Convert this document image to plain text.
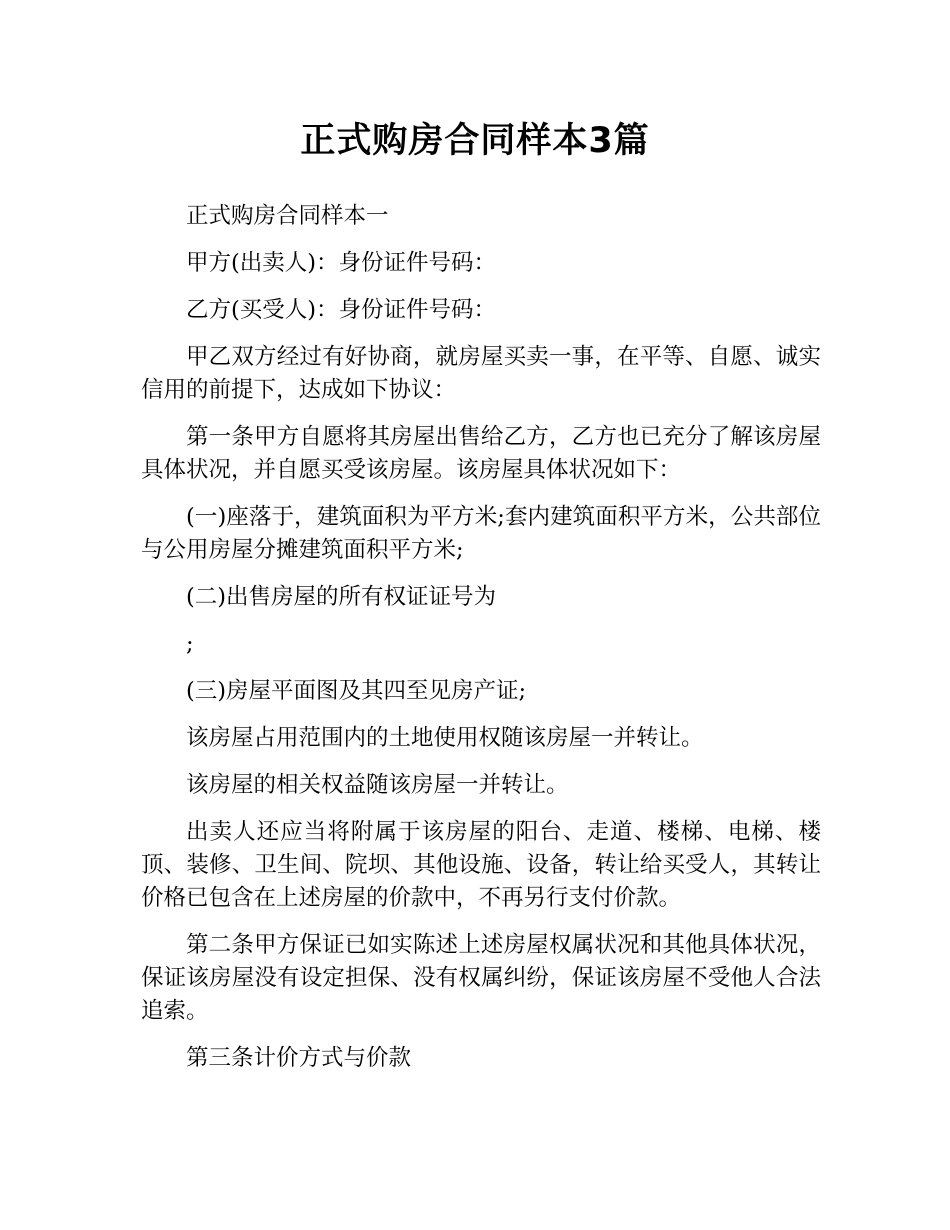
正式购房合同样本3篇

正式购房合同样本一

甲方(出卖人)：身份证件号码：

乙方(买受人)：身份证件号码：

甲乙双方经过有好协商，就房屋买卖一事，在平等、自愿、诚实信用的前提下，达成如下协议：

第一条甲方自愿将其房屋出售给乙方，乙方也已充分了解该房屋具体状况，并自愿买受该房屋。该房屋具体状况如下：

(一)座落于，建筑面积为平方米;套内建筑面积平方米，公共部位与公用房屋分摊建筑面积平方米;

(二)出售房屋的所有权证证号为

;

(三)房屋平面图及其四至见房产证;

该房屋占用范围内的土地使用权随该房屋一并转让。

该房屋的相关权益随该房屋一并转让。

出卖人还应当将附属于该房屋的阳台、走道、楼梯、电梯、楼顶、装修、卫生间、院坝、其他设施、设备，转让给买受人，其转让价格已包含在上述房屋的价款中，不再另行支付价款。

第二条甲方保证已如实陈述上述房屋权属状况和其他具体状况，保证该房屋没有设定担保、没有权属纠纷，保证该房屋不受他人合法追索。

第三条计价方式与价款
